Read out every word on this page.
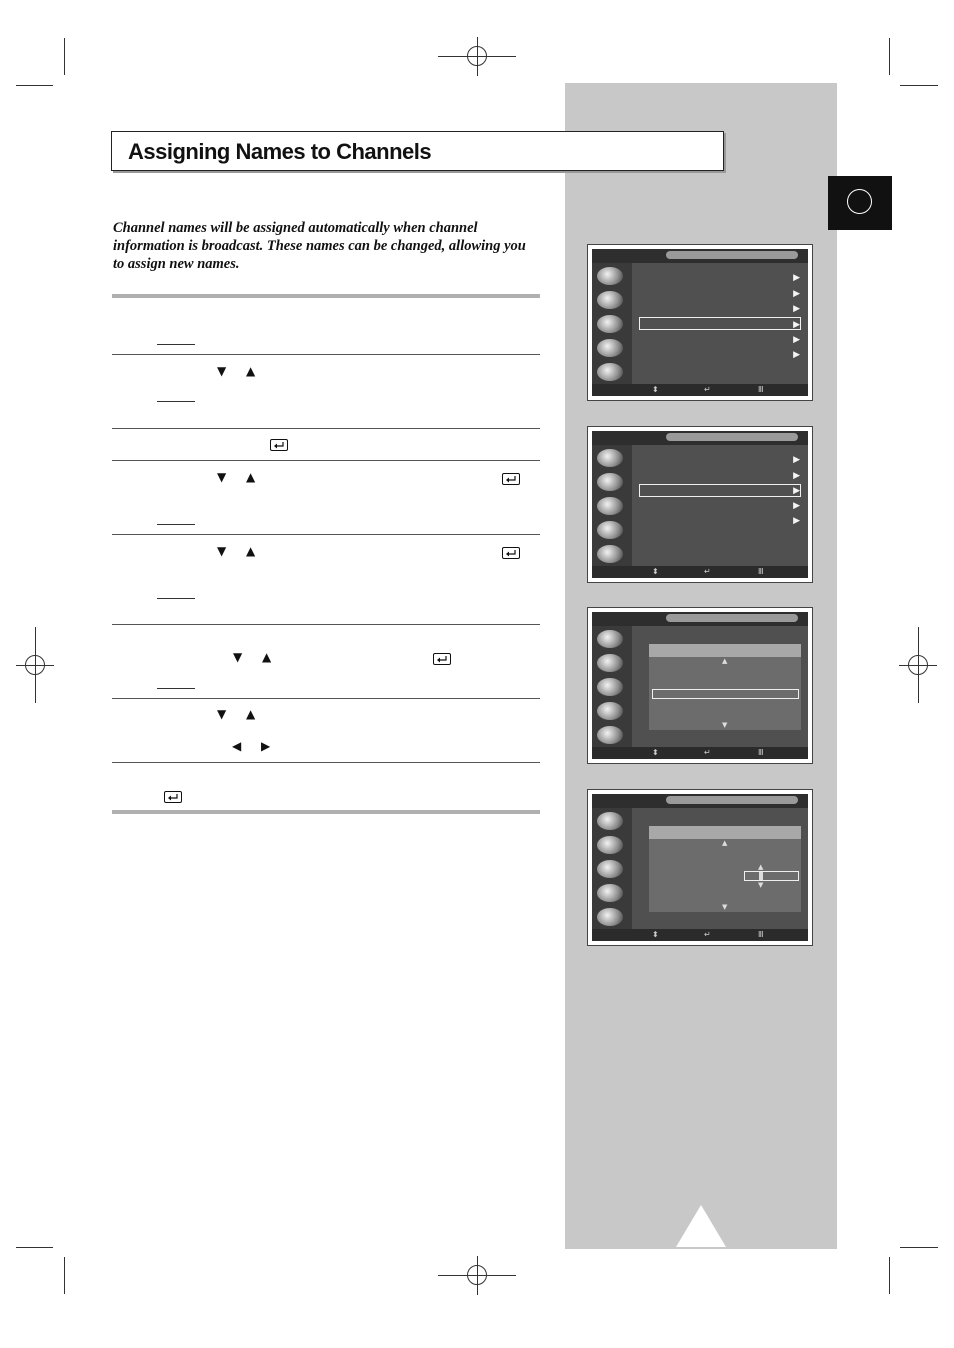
Assigning Names to Channels
Channel names will be assigned automatically when channel information is broadcast. These names can be changed, allowing you to assign new names.
▼ ▲
▼ ▲
▼ ▲
▼ ▲
▼ ▲
◀ ▶
▶
▶
▶
▶
▶
▶
⬍	↵	Ⅲ
▶
▶
▶
▶
▶
⬍	↵	Ⅲ
▲
▼
⬍	↵	Ⅲ
▲
▲
▼
▼
⬍	↵	Ⅲ
